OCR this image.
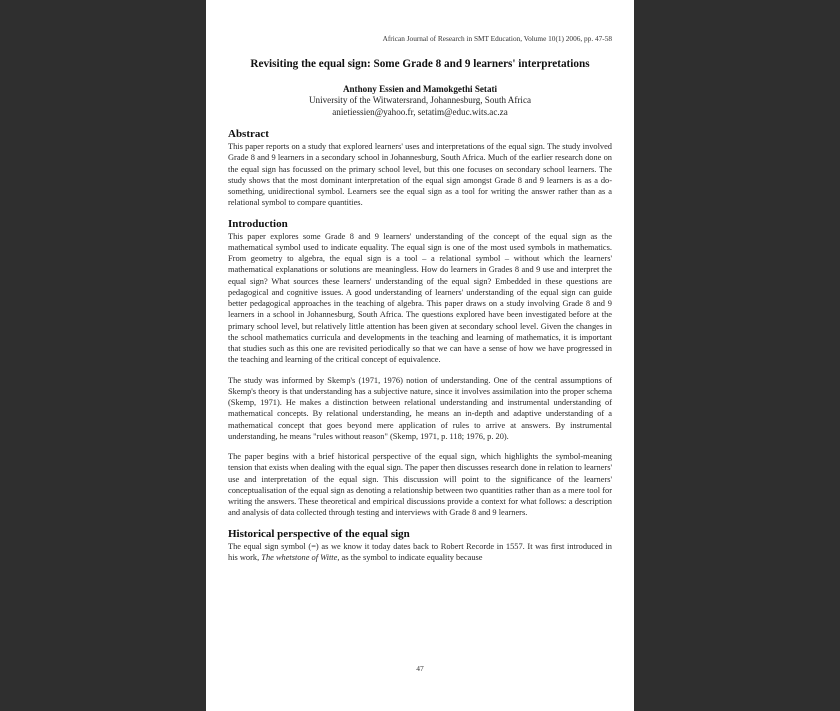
African Journal of Research in SMT Education, Volume 10(1) 2006, pp. 47-58
Revisiting the equal sign: Some Grade 8 and 9 learners' interpretations
Anthony Essien and Mamokgethi Setati
University of the Witwatersrand, Johannesburg, South Africa
anietiessien@yahoo.fr, setatim@educ.wits.ac.za
Abstract

This paper reports on a study that explored learners' uses and interpretations of the equal sign. The study involved Grade 8 and 9 learners in a secondary school in Johannesburg, South Africa. Much of the earlier research done on the equal sign has focussed on the primary school level, but this one focuses on secondary school learners. The study shows that the most dominant interpretation of the equal sign amongst Grade 8 and 9 learners is as a do-something, unidirectional symbol. Learners see the equal sign as a tool for writing the answer rather than as a relational symbol to compare quantities.

Introduction

This paper explores some Grade 8 and 9 learners' understanding of the concept of the equal sign as the mathematical symbol used to indicate equality. The equal sign is one of the most used symbols in mathematics. From geometry to algebra, the equal sign is a tool – a relational symbol – without which the learners' mathematical explanations or solutions are meaningless. How do learners in Grades 8 and 9 use and interpret the equal sign? What sources these learners' understanding of the equal sign? Embedded in these questions are pedagogical and cognitive issues. A good understanding of learners' understanding of the equal sign can guide better pedagogical approaches in the teaching of algebra. This paper draws on a study involving Grade 8 and 9 learners in a school in Johannesburg, South Africa. The questions explored have been investigated before at the primary school level, but relatively little attention has been given at secondary school level. Given the changes in the school mathematics curricula and developments in the teaching and learning of mathematics, it is important that studies such as this one are revisited periodically so that we can have a sense of how we have progressed in the teaching and learning of the critical concept of equivalence.

The study was informed by Skemp's (1971, 1976) notion of understanding. One of the central assumptions of Skemp's theory is that understanding has a subjective nature, since it involves assimilation into the proper schema (Skemp, 1971). He makes a distinction between relational understanding and instrumental understanding of mathematical concepts. By relational understanding, he means an in-depth and adaptive understanding of a mathematical concept that goes beyond mere application of rules to arrive at answers. By instrumental understanding, he means "rules without reason" (Skemp, 1971, p. 118; 1976, p. 20).

The paper begins with a brief historical perspective of the equal sign, which highlights the symbol-meaning tension that exists when dealing with the equal sign. The paper then discusses research done in relation to learners' use and interpretation of the equal sign. This discussion will point to the significance of the learners' conceptualisation of the equal sign as denoting a relationship between two quantities rather than as a mere tool for writing the answers. These theoretical and empirical discussions provide a context for what follows: a description and analysis of data collected through testing and interviews with Grade 8 and 9 learners.

Historical perspective of the equal sign

The equal sign symbol (=) as we know it today dates back to Robert Recorde in 1557. It was first introduced in his work, The whetstone of Witte, as the symbol to indicate equality because

47
